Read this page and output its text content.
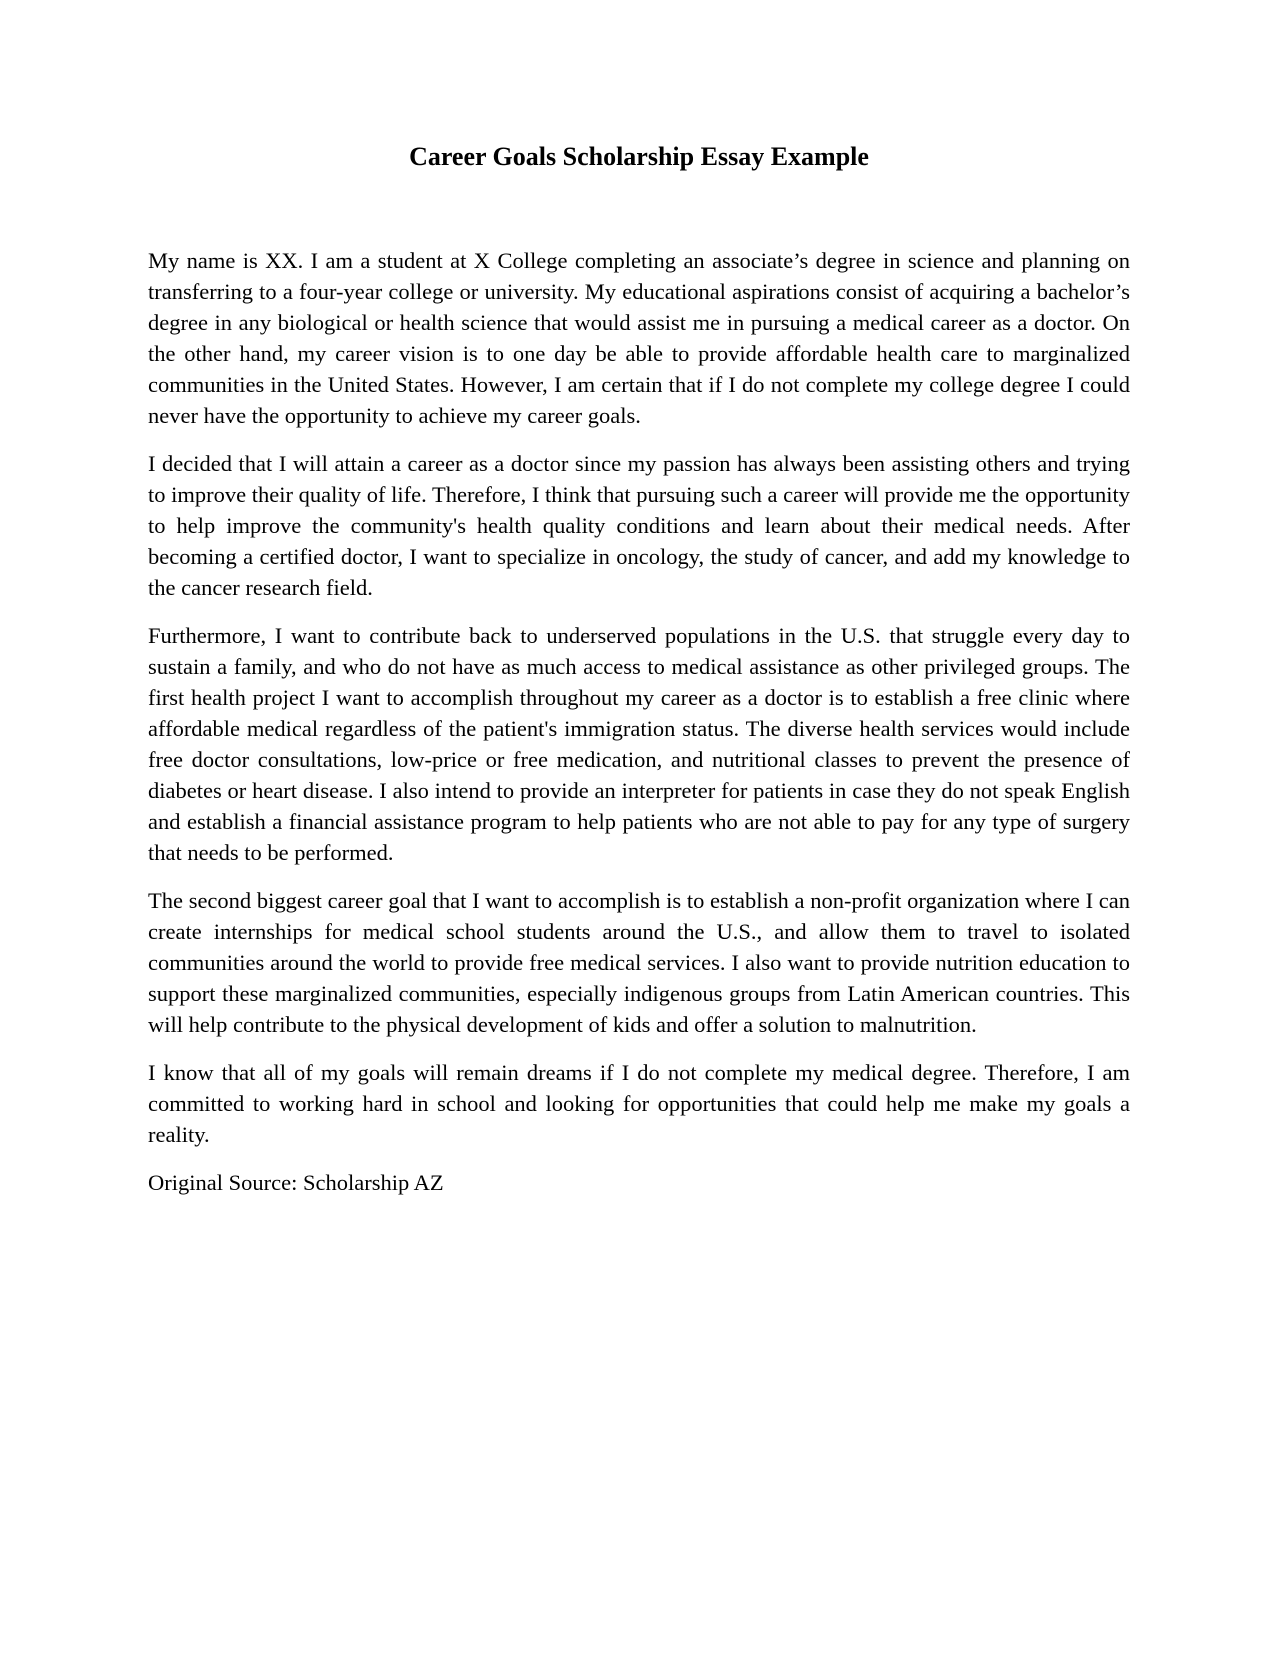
Career Goals Scholarship Essay Example

My name is XX. I am a student at X College completing an associate’s degree in science and planning on transferring to a four-year college or university. My educational aspirations consist of acquiring a bachelor’s degree in any biological or health science that would assist me in pursuing a medical career as a doctor. On the other hand, my career vision is to one day be able to provide affordable health care to marginalized communities in the United States. However, I am certain that if I do not complete my college degree I could never have the opportunity to achieve my career goals.

I decided that I will attain a career as a doctor since my passion has always been assisting others and trying to improve their quality of life. Therefore, I think that pursuing such a career will provide me the opportunity to help improve the community's health quality conditions and learn about their medical needs. After becoming a certified doctor, I want to specialize in oncology, the study of cancer, and add my knowledge to the cancer research field.

Furthermore, I want to contribute back to underserved populations in the U.S. that struggle every day to sustain a family, and who do not have as much access to medical assistance as other privileged groups. The first health project I want to accomplish throughout my career as a doctor is to establish a free clinic where affordable medical regardless of the patient's immigration status. The diverse health services would include free doctor consultations, low-price or free medication, and nutritional classes to prevent the presence of diabetes or heart disease. I also intend to provide an interpreter for patients in case they do not speak English and establish a financial assistance program to help patients who are not able to pay for any type of surgery that needs to be performed.

The second biggest career goal that I want to accomplish is to establish a non-profit organization where I can create internships for medical school students around the U.S., and allow them to travel to isolated communities around the world to provide free medical services. I also want to provide nutrition education to support these marginalized communities, especially indigenous groups from Latin American countries. This will help contribute to the physical development of kids and offer a solution to malnutrition.

I know that all of my goals will remain dreams if I do not complete my medical degree. Therefore, I am committed to working hard in school and looking for opportunities that could help me make my goals a reality.

Original Source: Scholarship AZ
